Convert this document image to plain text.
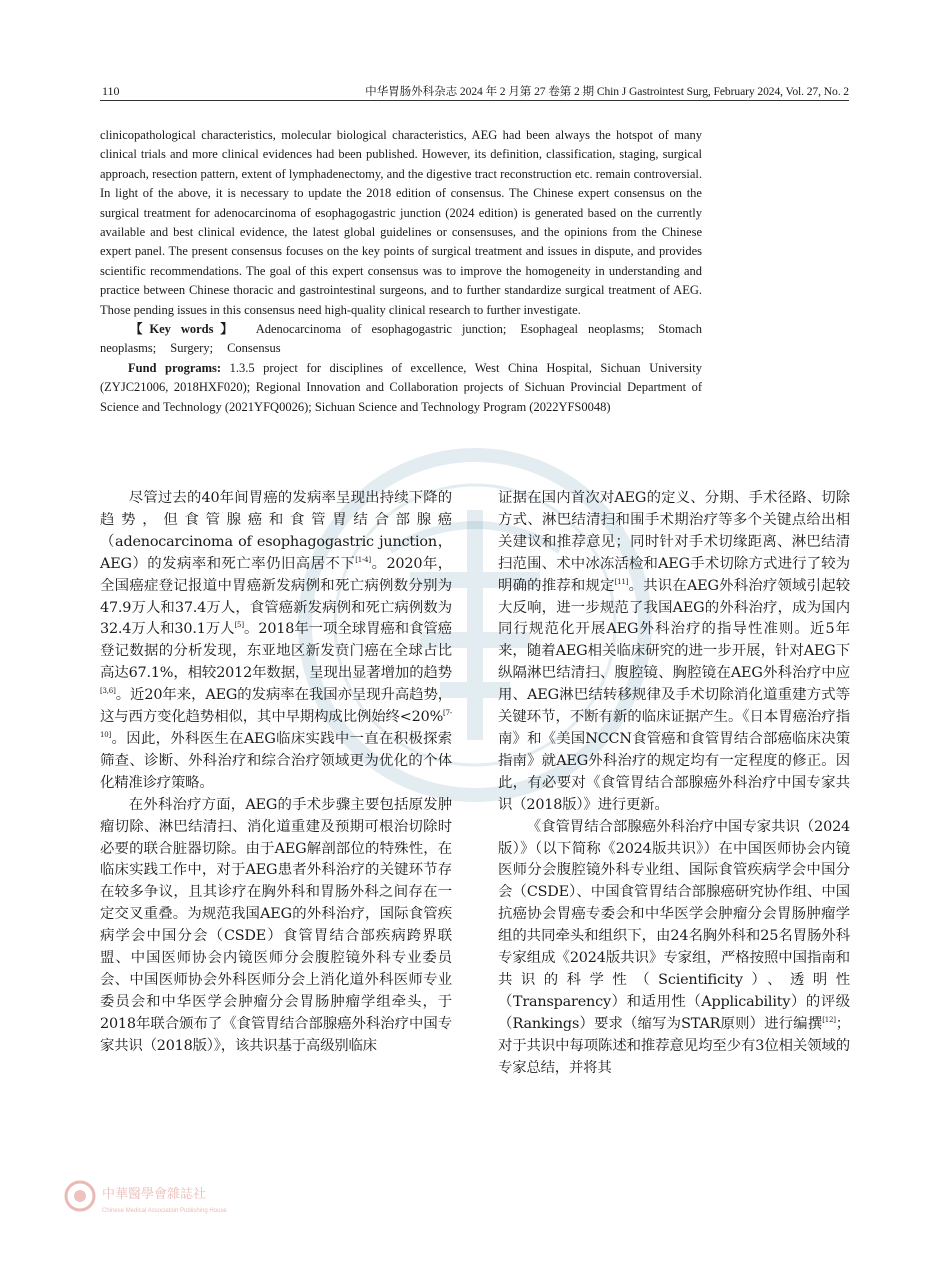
110	中华胃肠外科杂志 2024 年 2 月第 27 卷第 2 期 Chin J Gastrointest Surg, February 2024, Vol. 27, No. 2

clinicopathological characteristics, molecular biological characteristics, AEG had been always the hotspot of many clinical trials and more clinical evidences had been published. However, its definition, classification, staging, surgical approach, resection pattern, extent of lymphadenectomy, and the digestive tract reconstruction etc. remain controversial. In light of the above, it is necessary to update the 2018 edition of consensus. The Chinese expert consensus on the surgical treatment for adenocarcinoma of esophagogastric junction (2024 edition) is generated based on the currently available and best clinical evidence, the latest global guidelines or consensuses, and the opinions from the Chinese expert panel. The present consensus focuses on the key points of surgical treatment and issues in dispute, and provides scientific recommendations. The goal of this expert consensus was to improve the homogeneity in understanding and practice between Chinese thoracic and gastrointestinal surgeons, and to further standardize surgical treatment of AEG. Those pending issues in this consensus need high-quality clinical research to further investigate.

【Key words】 Adenocarcinoma of esophagogastric junction; Esophageal neoplasms; Stomach neoplasms; Surgery; Consensus

Fund programs: 1.3.5 project for disciplines of excellence, West China Hospital, Sichuan University (ZYJC21006, 2018HXF020); Regional Innovation and Collaboration projects of Sichuan Provincial Department of Science and Technology (2021YFQ0026); Sichuan Science and Technology Program (2022YFS0048)

尽管过去的40年间胃癌的发病率呈现出持续下降的趋势，但食管腺癌和食管胃结合部腺癌（adenocarcinoma of esophagogastric junction，AEG）的发病率和死亡率仍旧高居不下[1-4]。2020年，全国癌症登记报道中胃癌新发病例和死亡病例数分别为47.9万人和37.4万人，食管癌新发病例和死亡病例数为32.4万人和30.1万人[5]。2018年一项全球胃癌和食管癌登记数据的分析发现，东亚地区新发贲门癌在全球占比高达67.1%，相较2012年数据，呈现出显著增加的趋势[3,6]。近20年来，AEG的发病率在我国亦呈现升高趋势，这与西方变化趋势相似，其中早期构成比例始终<20%[7-10]。因此，外科医生在AEG临床实践中一直在积极探索筛查、诊断、外科治疗和综合治疗领域更为优化的个体化精准诊疗策略。

在外科治疗方面，AEG的手术步骤主要包括原发肿瘤切除、淋巴结清扫、消化道重建及预期可根治切除时必要的联合脏器切除。由于AEG解剖部位的特殊性，在临床实践工作中，对于AEG患者外科治疗的关键环节存在较多争议，且其诊疗在胸外科和胃肠外科之间存在一定交叉重叠。为规范我国AEG的外科治疗，国际食管疾病学会中国分会（CSDE）食管胃结合部疾病跨界联盟、中国医师协会内镜医师分会腹腔镜外科专业委员会、中国医师协会外科医师分会上消化道外科医师专业委员会和中华医学会肿瘤分会胃肠肿瘤学组牵头，于2018年联合颁布了《食管胃结合部腺癌外科治疗中国专家共识（2018版）》，该共识基于高级别临床

证据在国内首次对AEG的定义、分期、手术径路、切除方式、淋巴结清扫和围手术期治疗等多个关键点给出相关建议和推荐意见；同时针对手术切缘距离、淋巴结清扫范围、术中冰冻活检和AEG手术切除方式进行了较为明确的推荐和规定[11]。共识在AEG外科治疗领域引起较大反响，进一步规范了我国AEG的外科治疗，成为国内同行规范化开展AEG外科治疗的指导性准则。近5年来，随着AEG相关临床研究的进一步开展，针对AEG下纵隔淋巴结清扫、腹腔镜、胸腔镜在AEG外科治疗中应用、AEG淋巴结转移规律及手术切除消化道重建方式等关键环节，不断有新的临床证据产生。《日本胃癌治疗指南》和《美国NCCN食管癌和食管胃结合部癌临床决策指南》就AEG外科治疗的规定均有一定程度的修正。因此，有必要对《食管胃结合部腺癌外科治疗中国专家共识（2018版）》进行更新。

《食管胃结合部腺癌外科治疗中国专家共识（2024版）》（以下简称《2024版共识》）在中国医师协会内镜医师分会腹腔镜外科专业组、国际食管疾病学会中国分会（CSDE）、中国食管胃结合部腺癌研究协作组、中国抗癌协会胃癌专委会和中华医学会肿瘤分会胃肠肿瘤学组的共同牵头和组织下，由24名胸外科和25名胃肠外科专家组成《2024版共识》专家组，严格按照中国指南和共识的科学性（Scientificity）、透明性（Transparency）和适用性（Applicability）的评级（Rankings）要求（缩写为STAR原则）进行编撰[12]；对于共识中每项陈述和推荐意见均至少有3位相关领域的专家总结，并将其

中華醫學會雜誌社
Chinese Medical Association Publishing House
